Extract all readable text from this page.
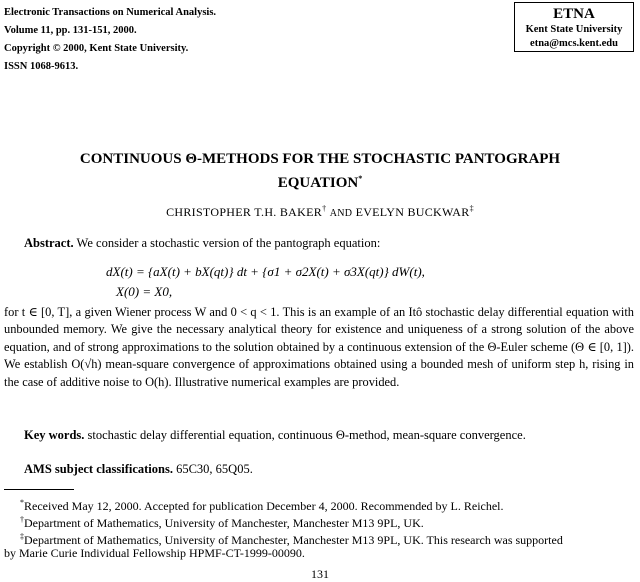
Electronic Transactions on Numerical Analysis.
Volume 11, pp. 131-151, 2000.
Copyright © 2000, Kent State University.
ISSN 1068-9613.
ETNA
Kent State University
etna@mcs.kent.edu
CONTINUOUS Θ-METHODS FOR THE STOCHASTIC PANTOGRAPH
EQUATION*
CHRISTOPHER T.H. BAKER† AND EVELYN BUCKWAR‡
Abstract. We consider a stochastic version of the pantograph equation:
dX(t) = {aX(t) + bX(qt)} dt + {σ1 + σ2X(t) + σ3X(qt)} dW(t),
X(0) = X0,
for t ∈ [0, T], a given Wiener process W and 0 < q < 1. This is an example of an Itô stochastic delay differential equation with unbounded memory. We give the necessary analytical theory for existence and uniqueness of a strong solution of the above equation, and of strong approximations to the solution obtained by a continuous extension of the Θ-Euler scheme (Θ ∈ [0, 1]). We establish O(√h) mean-square convergence of approximations obtained using a bounded mesh of uniform step h, rising in the case of additive noise to O(h). Illustrative numerical examples are provided.
Key words. stochastic delay differential equation, continuous Θ-method, mean-square convergence.
AMS subject classifications. 65C30, 65Q05.
*Received May 12, 2000. Accepted for publication December 4, 2000. Recommended by L. Reichel.
†Department of Mathematics, University of Manchester, Manchester M13 9PL, UK.
‡Department of Mathematics, University of Manchester, Manchester M13 9PL, UK. This research was supported
by Marie Curie Individual Fellowship HPMF-CT-1999-00090.
131
